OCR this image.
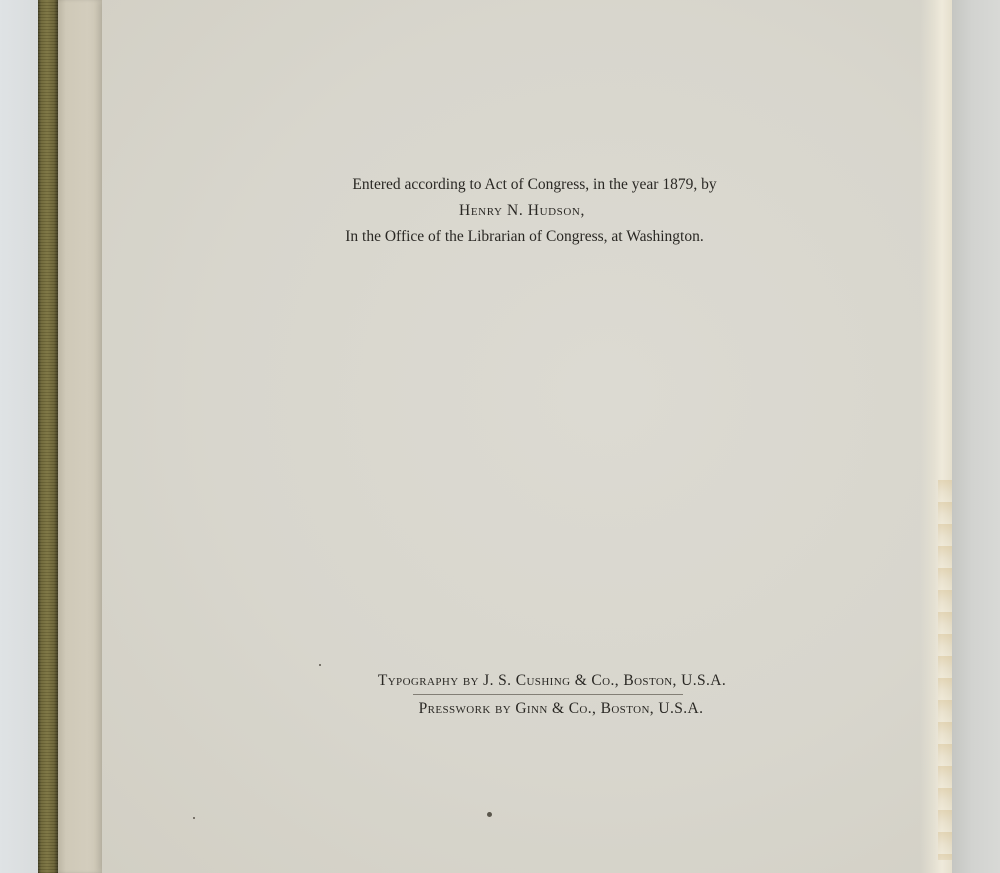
Entered according to Act of Congress, in the year 1879, by
Henry N. Hudson,
In the Office of the Librarian of Congress, at Washington.
Typography by J. S. Cushing & Co., Boston, U.S.A.
Presswork by Ginn & Co., Boston, U.S.A.
